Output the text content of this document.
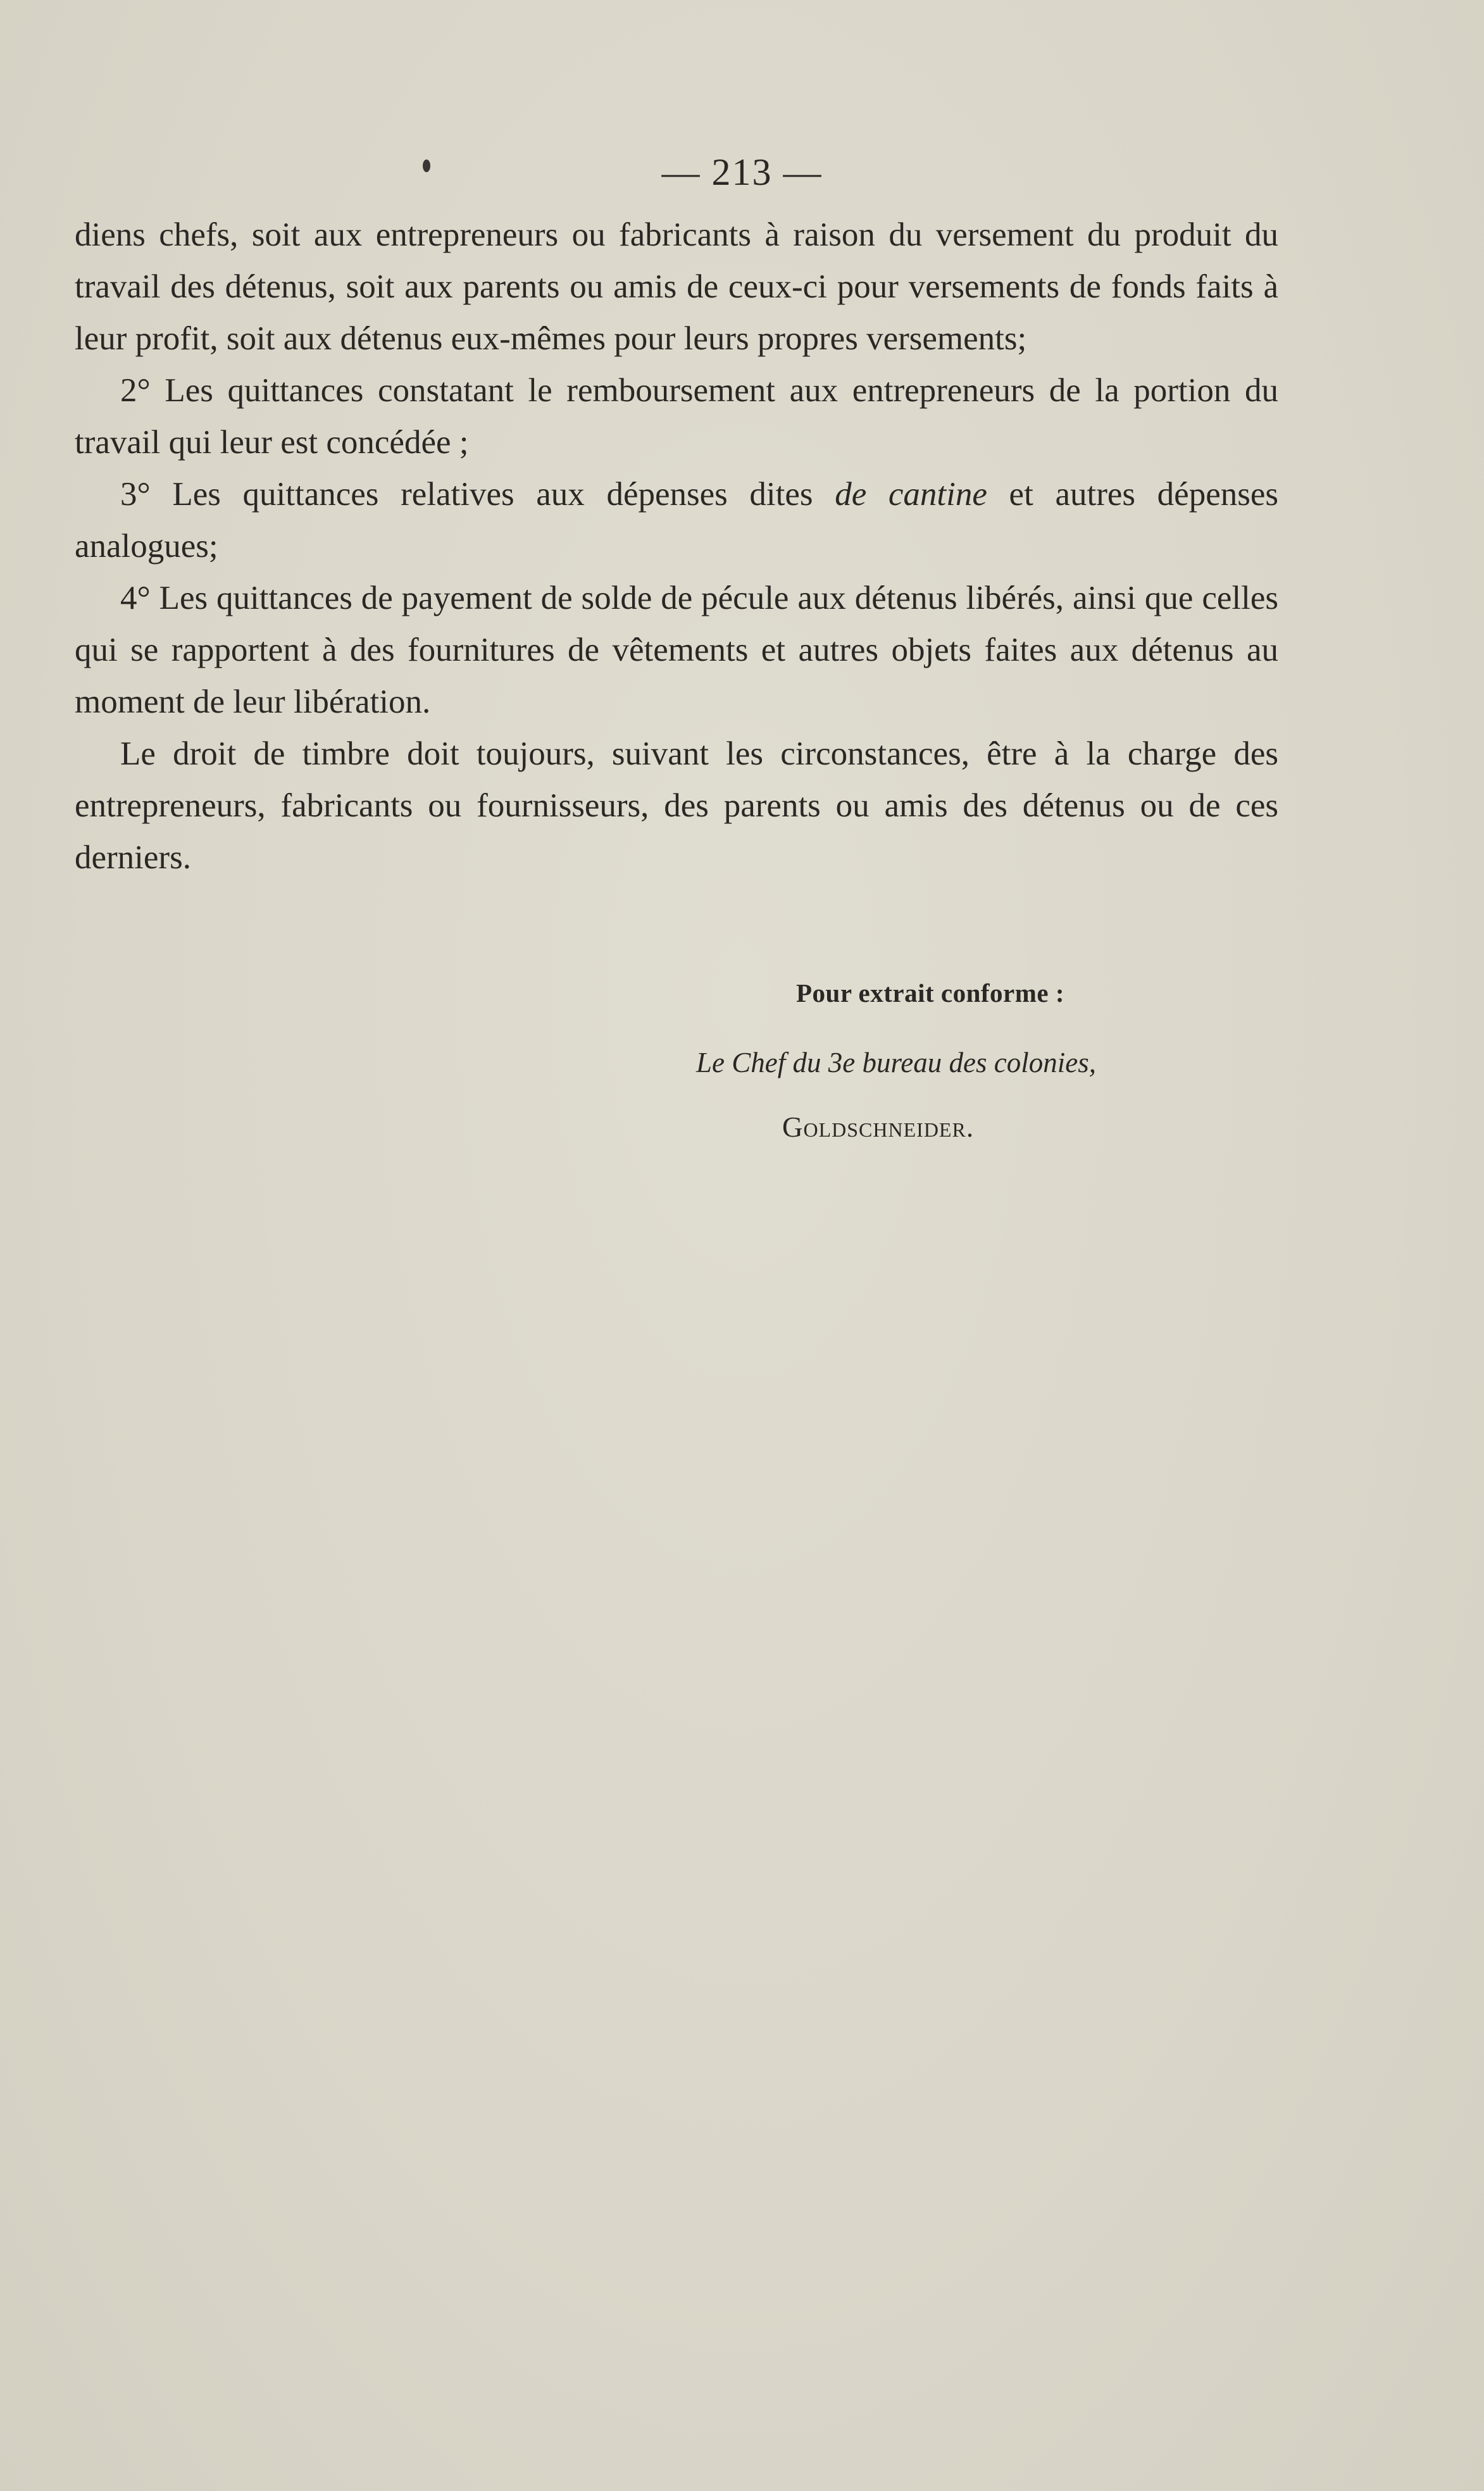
— 213 —

diens chefs, soit aux entrepreneurs ou fabricants à raison du versement du produit du travail des détenus, soit aux parents ou amis de ceux-ci pour versements de fonds faits à leur profit, soit aux détenus eux-mêmes pour leurs propres versements;

2° Les quittances constatant le remboursement aux entrepreneurs de la portion du travail qui leur est concédée ;

3° Les quittances relatives aux dépenses dites de cantine et autres dépenses analogues;

4° Les quittances de payement de solde de pécule aux détenus libérés, ainsi que celles qui se rapportent à des fournitures de vêtements et autres objets faites aux détenus au moment de leur libération.

Le droit de timbre doit toujours, suivant les circonstances, être à la charge des entrepreneurs, fabricants ou fournisseurs, des parents ou amis des détenus ou de ces derniers.

Pour extrait conforme :
Le Chef du 3e bureau des colonies,
Goldschneider.
